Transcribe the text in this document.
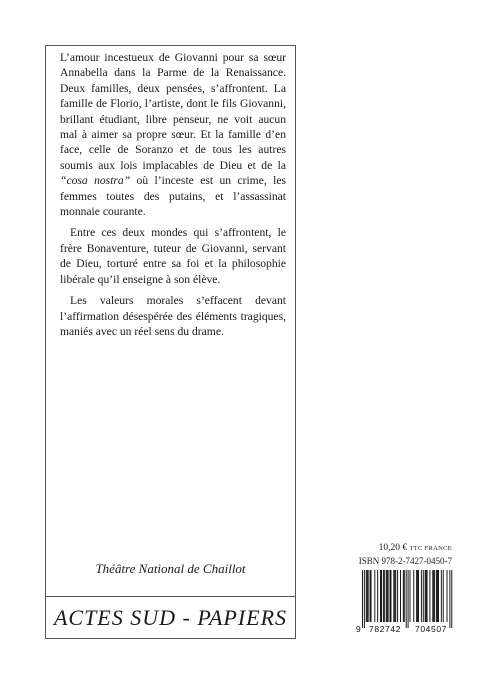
L’amour incestueux de Giovanni pour sa sœur Annabella dans la Parme de la Renaissance. Deux familles, deux pensées, s’affrontent. La famille de Florio, l’artiste, dont le fils Giovanni, brillant étudiant, libre penseur, ne voit aucun mal à aimer sa propre sœur. Et la famille d’en face, celle de Soranzo et de tous les autres soumis aux lois implacables de Dieu et de la “cosa nostra” où l’inceste est un crime, les femmes toutes des putains, et l’assassinat monnaie courante.

Entre ces deux mondes qui s’affrontent, le frère Bonaventure, tuteur de Giovanni, servant de Dieu, torturé entre sa foi et la philosophie libérale qu’il enseigne à son élève.

Les valeurs morales s’effacent devant l’affirmation désespérée des éléments tragiques, maniés avec un réel sens du drame.

Théâtre National de Chaillot
ACTES SUD - PAPIERS
10,20 € TTC FRANCE
ISBN 978-2-7427-0450-7
9 782742 704507
